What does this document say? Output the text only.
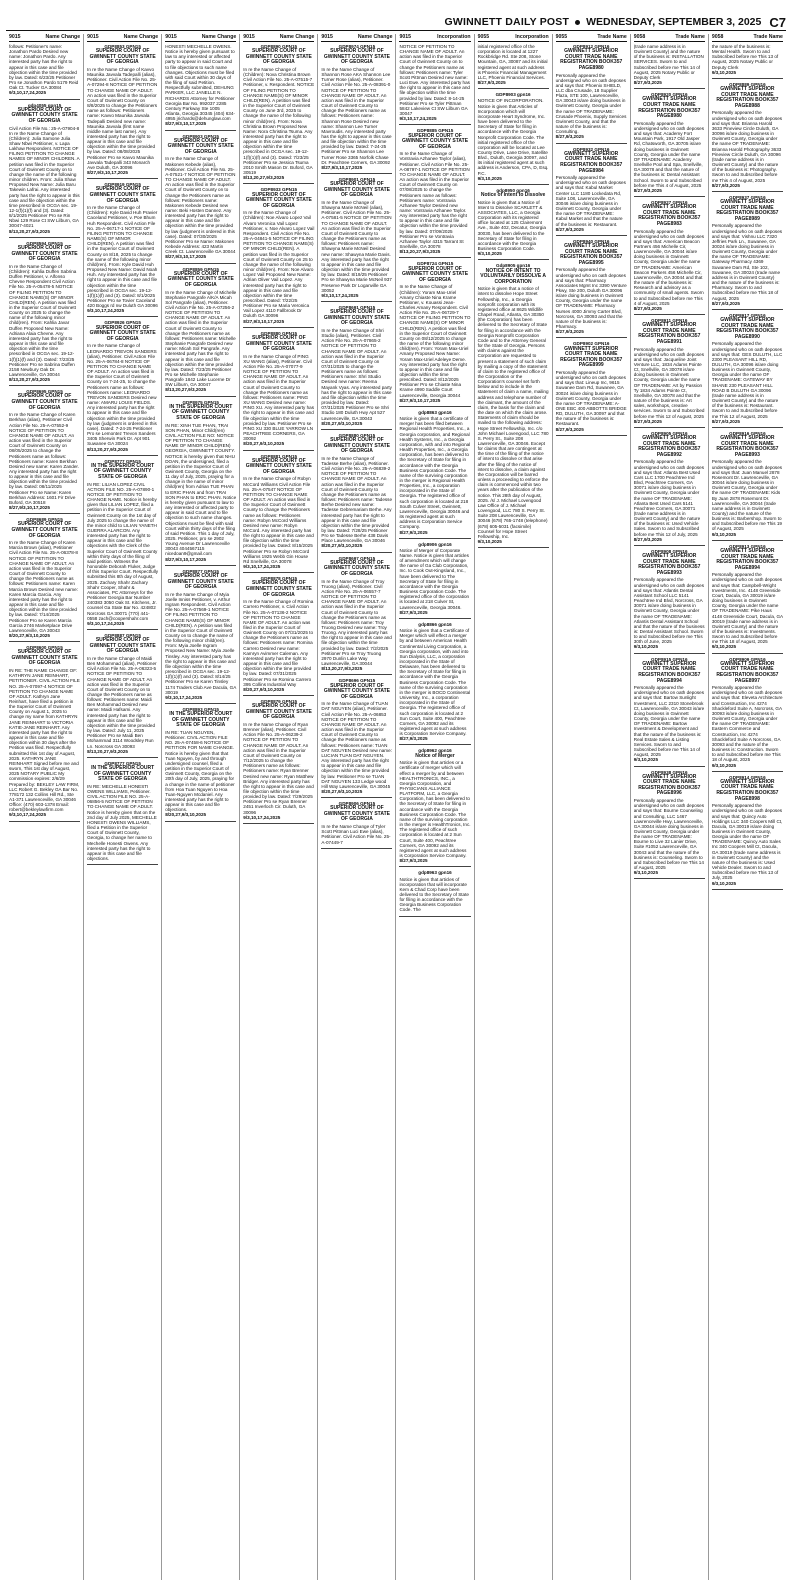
GWINNETT DAILY POST WEDNESDAY, SEPTEMBER 3, 2025 C7
9015	Name Change
follows: Petitioner's name: Jonathon Pardo Desired new name: Jonathon Pardo. Any interested party has the right to appear in this case and file objection within the time provided by law. Dated: 6/23/25 Petitioner Pro se Jonathon Pardo 5179 Reid Oak Ct. Tucker GA 30084
9/3,10,17,24,2025
gdp4055 gpn15
SUPERIOR COURT OF GWINNETT COUNTY STATE OF GEORGIA
Civil Action File No.: 25-A-07904-8 In re the Name Change of (Children): Julia Samone Julia Shaw Nbwi Petitioner, v. Lapa Lakhaw Respondent. NOTICE OF FILING PETITION TO CHANGE NAMES OF MINOR CHILDREN. A petition was filed in the Superior Court of Gwinnett County on to change the name of the following minor children. From: Julia Shaw Proposed New Name: Julia Baru Takewin Lafrai. Any interested party has the right to appear in this case and file objection within the time prescribed in OCGA sec. 19-12-1(f)(1)(f) and (3). Dated: 8/1/2025 Petitioner Pro se Rin Nbwi 129 Rose Ct SW Lilburn, GA 30047-4021
8/13,20,27,9/3,2025
GDP8594 GPN15
SUPERIOR COURT OF GWINNETT COUNTY STATE OF GEORGIA
In re the Name Change of (Children): Kahlia Duffen Sabrina Duffen Petitioner, v. Alfonso Chevne Respondent Civil Action File No. 25-A-05478-5 NOTICE OF FILING PETITION TO CHANGE NAME(S) OF MINOR CHILD(REN). A petition was filed in the Superior Court of Gwinnett County on 2025 to change the name of the following minor child(ren). From: Kahlia Javar Duffen Proposed New Name: Adriana Alaia Chevne. Any interested party has the right to appear in this case and file objection within the time prescribed in OCGA sec. 19-12-1(f)(1)(f) and (3). Dated: 7/23/25 Petitioner Pro se Sabrina Duffen 2158 Newbury Oak Dr. Lawrenceville, GA 30044
8/13,20,27,9/3,2025
GDP8695 GPN15
SUPERIOR COURT OF GWINNETT COUNTY STATE OF GEORGIA
In re the Name Change of Karen Berkhan (alias), Petitioner Civil Action File No. 25-A-07552-9 NOTICE OF PETITION TO CHANGE NAME OF ADULT. An action was filed in the Superior Court of Gwinnett County on 08/05/2025 to change the Petitioners name as follows: Petitioners name: Karen Berkhan Desired new name: Karen Zander. Any interested party has the right to appear in this case and file objection within the time provided by law. Dated: 08/11/2025 Petitioner Pro se Name: Karen Berkhan Address: 1601 Fir Drive Buford, GA 30518
8/27,9/3,10,17,2025
GDP8689 GPN15
SUPERIOR COURT OF GWINNETT COUNTY STATE OF GEORGIA
In re the Name Change of Karen Marcia Brown (alias), Petitioner Civil Action File No. 25-A-06378-8 NOTICE OF PETITION TO CHANGE NAME OF ADULT. An action was filed in the Superior Court of Gwinnett County to change the Petitioners name as follows: Petitioners name: Karen Marcia Brown Desired new name: Karen Marcia Garcia. Any interested party has the right to appear in this case and file objection within the time provided by law. Dated: 7/14/2025 Petitioner Pro se Karen Marcia Garcia 2746 Marketplace Drive Lawrenceville, GA 30043
8/20,27,9/3,10,2025
GDP8600 GPN15
SUPERIOR COURT OF GWINNETT COUNTY STATE OF GEORGIA
IN RE: THE NAME CHANGE OF: KATHRYN JANE REINHART, PETITIONER. CIVIL ACTION FILE NO. 25-A-07097-4 NOTICE OF PETITION TO CHANGE NAME OF ADULT. Kathryn Jane Reinhart, have filed a petition in the Superior Court of Gwinnett County on August 1, 2025 to change my name from KATHRYN JANE REINHART to VICTORIA KATIE-JANE REINHART. Any interested party has the right to appear in this case and file objection within 30 days after the Petition was filed. Respectfully submitted this 1st day of August, 2025. KATHRYN JANE REINHART Signed before me and sworn, This 1st day of August, 2025 NOTARY PUBLIC My commission expires: 2/6/29 Prepared by: BEKLEY LAW FIRM, LLC Robert G. Bekley GA Bar No. 778172 132 Collins Hill Rd., Ste A1-371 Lawrenceville, GA 30046 Office: (470) 603-1378 Email: robert@bekleylawfirm.com
9/3,10,17,24,2025
9015	Name Change
GDP8853 GPN15
SUPERIOR COURT OF GWINNETT COUNTY STATE OF GEORGIA
In re the Name Change of Kavvo Maunika Javvala Tadepalli (alias), Petitioner. Civil Action File No. 25-A-07294-8 NOTICE OF PETITION TO CHANGE NAME OF ADULT. An action was filed in the Superior Court of Gwinnett County on 8/8/2025 to change the Petitioners name as follows: Petitioners name: Kavvo Maunika Javvala Tadepalli Desired new name: Maunika Javvala (first name middle name last name). Any interested party has the right to appear in this case and file objection within the time provided by law. Dated: 08/08/2025 Petitioner Pro se Kavvo Maunika Javvala Tadepalli 343 Monarch Ave Duluth, GA 30096
8/27,9/3,10,17,2025
GDP8919 GPN15
SUPERIOR COURT OF GWINNETT COUNTY STATE OF GEORGIA
In re the Name Change of (Children): Kyle David Huh Pravier Caceland Petitioner, v. Poe Bhum Huh Respondent. Civil Action File No. 25-A-06717-1 NOTICE OF FILING PETITION TO CHANGE NAME(S) OF MINOR CHILD(REN). A petition was filed in the Superior Court of Gwinnett County on 8/18, 2025 to change the name of the following minor child(ren). From: Kyle David Huh Proposed New Name: David Noah Huh. Any interested party has the right to appear in this case and file objection within the time prescribed in OCGA sec. 19-12-1(f)(1)(f) and (3). Dated: 8/1/2025 Petitioner Pro se Tovier Caceland 420 Boggs rd nw Duluth GA 30096
9/3,10,17,24,2025
GDP8926 GPN15
SUPERIOR COURT OF GWINNETT COUNTY STATE OF GEORGIA
In re the Name Change of LEONARDO TREVON SANDERS (alias), Petitioner. Civil Action File No. 25-A-06784-8 NOTICE OF PETITION TO CHANGE NAME OF ADULT. An action was filed in the Superior Court of Gwinnett County on 7-24-25, to change the Petitioners name as follows: Petitioners name: LEONARDO TREVON SANDERS Desired new name: AMARU LOUIS FIELDS. Any interested party has the right to appear in this case and file objection within the time provided by law (judgment is ordered in this case). Dated: 7-24-25 Petitioner Pro se Lemontez Trevon Sanders 3405 Sherwin Park Dr. Apt 901 Suwanee GA 30024
8/13,20,27,9/3,2025
GDP8777 GPN15
IN THE SUPERIOR COURT OF GWINNETT COUNTY STATE OF GEORGIA
IN RE: LILIAN LOPEZ CIVIL ACTION FILE NO. 25-A-07890-1 NOTICE OF PETITION TO CHANGE NAME. Notice is hereby given that LILIAN LOPEZ, filed a petition in the Superior Court of Gwinnett County on the 1st day of July 2025 to change the name of the minor child to LILIAN YANETH GUERRA ALARCON. Any interested party has the right to appear in this case and file objections with the Clerk of the Superior Court of Gwinnett County within thirty days of the filing of said petition. Witness the honorable Deborah Fluker, Judge of this Superior Court. Respectfully submitted this 8th day of August, 2025. Zachary Shahr Zachary Shahr Cooper, Shahr & Associates, PC Attorneys for the Petitioner Georgia Bar Number 240383 3050 Oak St. Kitchens, Jr. counsel Ga State Bar No. 424802 Norcross GA 30071 (770) 441-0558 zach@coopershahr.com
9/3,10,17,24,2025
GDP8887 GPN15
SUPERIOR COURT OF GWINNETT COUNTY STATE OF GEORGIA
In re the Name Change of Maidi Ben Mohammad (alias), Petitioner Civil Action File No. 25-A-06323-5 NOTICE OF PETITION TO CHANGE NAME OF ADULT. An action was filed in the Superior Court of Gwinnett County on to change the Petitioners name as follows: Petitioners name: Maidi Ben Mohammad Desired new name: Maidi Hafsami. Any interested party has the right to appear in this case and file objection within the time provided by law. Dated: July 11, 2025 Petitioner Pro se Maidi Ben Mohammad 3114 Woodsley Run Ln. Norcross GA 30093
8/13,20,27,9/3,2025
GDP8777 GPN15
IN THE SUPERIOR COURT OF GWINNETT COUNTY STATE OF GEORGIA
IN RE: MECHELLE HONESTI OWENS WILLIAMS, Petitioner. CIVIL ACTION FILE NO. 25-A-06856-5 NOTICE OF PETITION TO CHANGE NAME OF ADULT. Notice is hereby given that on the 2nd day of July 2025, MECHELLE HONESTI OWENS WILLIAMS, filed a Petition in the Superior Court of Gwinnett County, Georgia, to change her name to Mechelle Honesti Owens. Any interested party has the right to appear in this case and file objections.
9015	Name Change
HONESTI MECHELLE OWENS. Notice is hereby given pursuant to law to any interested or affected party to appear in said Court and to file objections to such name changes. Objections must be filed with said Court within 30 days of the filing of said Petition. Respectfully submitted, DEHUNG PARKER, LLC JANELLE N. RICHARDS Attorney for Petitioner Georgia Bar No. 992037 2285 Century Parkway Ste 1005 Atlanta, Georgia 30345 (404) 634-4955 jrichards@dehunglaw.com
8/27,9/3,10,17,2025
GDP8903 GPN15
SUPERIOR COURT OF GWINNETT COUNTY STATE OF GEORGIA
In re the Name Change of Makonen Kebede (alias), Petitioner. Civil Action File No. 25-A-07521-7 NOTICE OF PETITION TO CHANGE NAME OF ADULT. An action was filed in the Superior Court of Gwinnett County on to change the Petitioners name as follows: Petitioners name: Makonen Kebede Desired new name: Beki Hosten Dannez. Any interested party has the right to appear in this case and file objection within the time provided by law (judgment is ordered in this case). Dated: 07/30/2025 Petitioner Pro se Name: Makonen Kebede Address: 423 Martin Creek Ct. Lawrenceville GA 30044
8/27,9/3,10,17,2025
GDP8859 GPN15
SUPERIOR COURT OF GWINNETT COUNTY STATE OF GEORGIA
In re the Name Change of Michelle Stephanie Pangrafe A/K/A Micah Sol Pangrafe (alias), Petitioner. Civil Action File No. 25-A-07256-2 NOTICE OF PETITION TO CHANGE NAME OF ADULT. An action was filed in the Superior Court of Gwinnett County to change the Petitioners name as follows: Petitioners name: Michelle Stephanie Pangrafe Desired new name: Micah Sol Pangrafe. Any interested party has the right to appear in this case and file objection within the time provided by law. Dated: 7/23/25 Petitioner Pro se Michelle Stephanie Pangrafe 1842 Lake Lucerne Dr SW Lilburn, GA 30047
8/13,20,27,9/3,2025
GDP8975 GPN15
IN THE SUPERIOR COURT OF GWINNETT COUNTY STATE OF GEORGIA
IN RE: XINH TUE PHAN, TRAI SON PHAN, Minor Child(ren) CIVIL ACTION FILE NO: NOTICE OF PETITION TO CHANGE NAME OF MINOR CHILD(REN) GEORGIA, GWINNETT COUNTY. NOTICE is hereby given that NHU DOAN, the undersigned, filed a petition in the Superior Court of Gwinnett County, Georgia on the 11 day of July, 2025, praying for a change in the name of minor child(ren) from Adrian TUE PHAN to ERIC PHAN and from TRAI SON PHAN to ERIC PHAN. Notice is hereby given pursuant to law to any interested or affected party to appear in said Court and to file objection to such name changes. Objections must be filed with said Court within thirty days of the filing of said Petition. This 1 day of July, 2025. Petitioner, pro se 2902 Young Avenue Dr Lawrenceville 30043 4044567115 nicedoan9@gmail.com
8/27,9/3,10,17,2025
GDP8877 GPN15
SUPERIOR COURT OF GWINNETT COUNTY STATE OF GEORGIA
In re the Name Change of Myia Joelle Inniss Petitioner, v. Arthur Ingram Respondent. Civil Action File No. 25-A-07569-1 NOTICE OF FILING PETITION TO CHANGE NAME(S) OF MINOR CHILD(REN). A petition was filed in the Superior Court of Gwinnett County on to change the name of the following minor child(ren). From: Myia Joelle Ingram Proposed New Name: Myia Joelle Tinsley. Any interested party has the right to appear in this case and file objection within the time prescribed in OCGA sec. 19-12-1(f)(1)(f) and (3). Dated: 8/14/25 Petitioner Pro se Karen Tinsley 1174 Traders Club Ave Dacula, GA 30019
9/3,10,17,24,2025
GDP8893 GPN15
IN THE SUPERIOR COURT OF GWINNETT COUNTY STATE OF GEORGIA
IN RE: TUAN NGUYEN, Petitioner. CIVIL ACTION FILE NO. 25-A-07458-6 NOTICE OF PETITION FOR NAME CHANGE. Notice is hereby given that that Tuan Nguyen, by and through undersigned counsel, filed a petition in the Superior Court of Gwinnett County, Georgia on the 20th day of July, 2025, praying for a change in the name of petitioner from Hoa Tuan Nguyen to Hoa Tuan-Nguyen Mcdaniel. Any interested party has the right to appear in this case and file objections.
8/20,27,9/3,10,2025
9015	Name Change
GDP8890 GPN15
SUPERIOR COURT OF GWINNETT COUNTY STATE OF GEORGIA
In re the Name Change of (Children): Nova Christina Brown Civil Action File No. 25-A-07515-7 Petitioner, v. Respondent. NOTICE OF FILING PETITION TO CHANGE NAME(S) OF MINOR CHILD(REN). A petition was filed in the Superior Court of Gwinnett County on June 3rd, 2025 to change the name of the following minor child(ren). From: Nova Christina Brown Proposed New Name: Nora Christina Tsuma. Any interested party has the right to appear in this case and file objection within the time prescribed in OCGA sec. 19-12-1(f)(1)(f) and (3). Dated: 7/23/25 Petitioner Pro se Jessica Tsuma 2010 Smith Mason Dr. Buford, GA 30519
8/13,20,27,9/3,2025
GDP8933 GPN15
SUPERIOR COURT OF GWINNETT COUNTY STATE OF GEORGIA
In re the Name Change of (Children): Noe Alvaro Lopez Vail Alvaro Veronica Vail Lopez Petitioner, v. Noe Alvaro Lopez Vail Respondent. Civil Action File No. 25-A-04841-5 NOTICE OF FILING PETITION TO CHANGE NAME(S) OF MINOR CHILD(REN). A petition was filed in the Superior Court of Gwinnett County on 25 to change the name of the following minor child(ren). From: Noe Alvaro Lopez Vail Proposed New Name: Adrian Oliver Vail Lopez. Any interested party has the right to appear in this case and file objection within the time prescribed. Dated: 7/22/25 Petitioner Pro se Maria Veronica Vail Lopez 4110 Fallbrook Dr Duluth GA 30096
8/27,9/3,10,17,2025
GDP8880 GPN15
SUPERIOR COURT OF GWINNETT COUNTY STATE OF GEORGIA
In re the Name Change of PING XU WANG (alias), Petitioner. Civil Action File No. 25-A-07077-9 NOTICE OF PETITION TO CHANGE NAME OF ADULT. An action was filed in the Superior Court of Gwinnett County to change the Petitioners name as follows: Petitioners name: PING XU WANG Desired new name: PING XU. Any interested party has the right to appear in this case and file objection within the time provided by law. Petitioner Pro se PING XU 330 BLUE YARROW LN PEACHTREE CORNERS, GA 30092
8/20,27,9/3,10,2025
GDP8881 GPN15
SUPERIOR COURT OF GWINNETT COUNTY STATE OF GEORGIA
In re the Name Change of Robyn McCord Williams Civil Action File No. 25-A-07547 NOTICE OF PETITION TO CHANGE NAME OF ADULT. An action was filed in the Superior Court of Gwinnett County to change the Petitioners name as follows: Petitioners name: Robyn McCord Williams Desired new name: Robyn McCord. Any interested party has the right to appear in this case and file objection within the time provided by law. Dated: 8/15/2025 Petitioner Pro se Robyn McCord Williams 1925 Webb Gin House Rd Snellville, GA 30078
9/3,10,17,24,2025
GDP8878 GPN15
SUPERIOR COURT OF GWINNETT COUNTY STATE OF GEORGIA
In re the Name Change of Romina Carrero Petitioner, v. Civil Action File No. 25-A-07136-2 NOTICE OF PETITION TO CHANGE NAME OF ADULT. An action was filed in the Superior Court of Gwinnett County on 07/31/2025 to change the Petitioners name as follows: Petitioners name: Romina Carrero Desired new name: Kamryn Avimmer Caleman. Any interested party has the right to appear in this case and file objection within the time provided by law. Dated: 07/31/2025 Petitioner Pro se Romina Carrero 395 Collins Industrial Way
8/20,27,9/3,10,2025
GDP8879 GPN15
SUPERIOR COURT OF GWINNETT COUNTY STATE OF GEORGIA
In re the Name Change of Ryan Brenner (alias), Petitioner. Civil Action File No. 25-A-06239-2 NOTICE OF PETITION TO CHANGE NAME OF ADULT. An action was filed in the Superior Court of Gwinnett County on 7/12/2025 to change the Petitioners name as follows: Petitioners name: Ryan Brenner Desired new name: Ryan Matthew Bridger. Any interested party has the right to appear in this case and file objection within the time provided by law. Dated: 7/29/2025 Petitioner Pro se Ryan Brenner 2451 Inverloch Cir. Duluth, GA 30096
9/3,10,17,24,2025
9015	Name Change
GDP8974 GPN15
SUPERIOR COURT OF GWINNETT COUNTY STATE OF GEORGIA
In re the Name Change of Shannon Rose AKA Shannon Lee Turner Rose (alias), Petitioner. Civil Action File No. 25-A-08391-0 NOTICE OF PETITION TO CHANGE NAME OF ADULT. An action was filed in the Superior Court of Gwinnett County to change the Petitioners name as follows: Petitioners name: Shannon Rose Desired new name: Shannon Lee Turner Mavroudis. Any interested party has the right to appear in this case and file objection within the time provided by law. Dated: 7-24-25 Petitioner Pro se Shannon Lee Turner Rose 3365 Norfolk Chase Dr. Peachtree Corners, GA 30092
8/27,9/3,10,17,2025
GDP8901 GPN15
SUPERIOR COURT OF GWINNETT COUNTY STATE OF GEORGIA
In re the Name Change of Shawyna Marie McNeil (alias), Petitioner. Civil Action File No. 25-A-07581-5 NOTICE OF PETITION TO CHANGE NAME OF ADULT. An action was filed in the Superior Court of Gwinnett County to change the Petitioners name as follows: Petitioners name: Shawyna Marie McNeil Desired new name: Shawyna Marie Davis. Any interested party has the right to appear in this case and file objection within the time provided by law. Dated: 8/19/25 Petitioner Pro se Shawyna Marie McNeil 937 Preserve Park Dr Loganville GA 30052
9/3,10,17,24,2025
GDP8691 GPN15
SUPERIOR COURT OF GWINNETT COUNTY STATE OF GEORGIA
In re the Name Change of Shri Studio (alias), Petitioner. Civil Action File No. 25-A-07865-2 NOTICE OF PETITION TO CHANGE NAME OF ADULT. An action was filed in the Superior Court of Gwinnett County on 07/31/2025 to change the Petitioners name as follows: Petitioners name: Shri Studio Desired new name: Reema Mayank Vyas. Any interested party has the right to appear in this case and file objection within the time provided by law. Dated: 07/31/2025 Petitioner Pro se Shri Studio 180 Duluth Hwy Apt 527 Lawrenceville, GA 30043
8/20,27,9/3,10,2025
GDP8880 GPN15
SUPERIOR COURT OF GWINNETT COUNTY STATE OF GEORGIA
In re the Name Change of Tadesse Berhe (alias), Petitioner. Civil Action File No. 25-A-06839-2 NOTICE OF PETITION TO CHANGE NAME OF ADULT. An action was filed in the Superior Court of Gwinnett County to change the Petitioners name as follows: Petitioners name: Tadesse Berhe Desired new name: Tadesse Gebremariam Berhe. Any interested party has the right to appear in this case and file objection within the time provided by law. Dated: 7/28/25 Petitioner Pro se Tadesse Berhe 438 Davis Place Lawrenceville, GA 30046
8/20,27,9/3,10,2025
GDP8697 GPN15
SUPERIOR COURT OF GWINNETT COUNTY STATE OF GEORGIA
In re the Name Change of Troy Truong (alias), Petitioner. Civil Action File No. 25-A-06557-7 NOTICE OF PETITION TO CHANGE NAME OF ADULT. An action was filed in the Superior Court of Gwinnett County to change the Petitioners name as follows: Petitioners name: Troy Truong Desired new name: Troy Truong. Any interested party has the right to appear in this case and file objection within the time provided by law. Dated: 7/2/2025 Petitioner Pro se Troy Truong 2970 Dunlin Lake Way Lawrenceville, GA 30044
8/13,20,27,9/3,2025
GDP8696 GPN15
SUPERIOR COURT OF GWINNETT COUNTY STATE OF GEORGIA
In re the Name Change of TUAN DAT NGUYEN (alias), Petitioner. Civil Action File No. 25-A-06853 NOTICE OF PETITION TO CHANGE NAME OF ADULT. An action was filed in the Superior Court of Gwinnett County to change the Petitioners name as follows: Petitioners name: TUAN DAT NGUYEN Desired new name: LUCIAN TUAN DAT NGUYEN. Any interested party has the right to appear in this case and file objection within the time provided by law. Petitioner Pro se TUAN DAT NGUYEN 133 Ledge wood Hill Way Lawrenceville, GA 30045
8/20,27,9/3,10,2025
GDP8906 GPN15
SUPERIOR COURT OF GWINNETT COUNTY STATE OF GEORGIA
In re the Name Change of Tyler Scott Pittman Luci Ewe (alias), Petitioner. Civil Action File No. 25-A-07449-7
9015	Incorporation
NOTICE OF PETITION TO CHANGE NAME OF ADULT. An action was filed in the Superior Court of Gwinnett County on to change the Petitioners name as follows: Petitioners name: Tyler Scott Pittman Desired new name: Luci Ewe. Any interested party has the right to appear in this case and file objection within the time provided by law. Dated: 8-14-25 Petitioner Pro se Tyler Pittman 5842 Lakeview Ct SW Lilburn GA 30047
9/3,10,17,24,2025
GDP8885 GPN15
SUPERIOR COURT OF GWINNETT COUNTY STATE OF GEORGIA
In re the Name Change of Vontravia Azhanee Taylor (alias), Petitioner. Civil Action File No. 25-A-08797-1 NOTICE OF PETITION TO CHANGE NAME OF ADULT. An action was filed in the Superior Court of Gwinnett County on 07/08/2025 to change the Petitioners name as follows: Petitioners name: Vontravia Azhanee Taylor Desired new name: Vontravia Azhanee Taylor. Any interested party has the right to appear in this case and file objection within the time provided by law. Dated: 07/09/2025 Petitioner Pro se Vontravia Azhanee Taylor 4315 Tarrant St Snellville, GA 30078
8/13,20,27,9/3,2025
GDP8724 GPN15
SUPERIOR COURT OF GWINNETT COUNTY STATE OF GEORGIA
In re the Name Change of (Children): Yoram Max-Uriel Amany Chiaste Nina Krame Petitioner, v. Kouassi Jean-Charles Amany Respondent. Civil Action File No. 25-A-06729-7 NOTICE OF FILING PETITION TO CHANGE NAME(S) OF MINOR CHILD(REN). A petition was filed in the Superior Court of Gwinnett County on 08/12/2025 to change the name of the following minor child(ren). From: Yoram Max-Uriel Amany Proposed New Name: Yoram Max-Uriel Adeleye Deme. Any interested party has the right to appear in this case and file objection within the time prescribed. Dated: 8/12/2025 Petitioner Pro se Chiaste Nina Krame 4990 Saddle Court Lawrenceville, Georgia 30044
8/27,9/3,10,17,2025
gdp8863 gpn16
Notice is given that a certificate of merger has been filed between Regional Health Properties, Inc., a Georgia corporation, and Regional Health Systems, Inc., a Georgia corporation, with and into Regional Health Properties, Inc., a Georgia corporation, has been delivered to the Secretary of State for filing in accordance with the Georgia Business Corporation Code. The name of the surviving corporation in the merger is Regional Health Properties, Inc., a corporation incorporated in the State of Georgia. The registered office of such corporation is located at 218 South Culver Street, Gwinnett, Lawrenceville, Georgia 30046 and its registered agent at such address is Corporation Service Company.
8/27,9/3,2025
gdp8906 gpn16
Notice of Merger of Corporate Name. Notice is given that articles of amendment which will change the name of Ga Club Corporation, Inc. to Cook Out-Kingsland, Inc., have been delivered to The Secretary of State for filing in accordance with the Georgia Business Corporation Code. The registered office of the corporation is located at 218 Culver St, Lawrenceville, Georgia 30046.
8/27,9/3,2025
gdp8866 gpn16
Notice is given that a Certificate of Merger which will effect a merger by and between American Health Continental Living Corporation, a Georgia corporation, with and into Sun Dialysis, LLC, a corporation incorporated in the State of Delaware, has been delivered to the Secretary of State for filing in accordance with the Georgia Business Corporation Code. The name of the surviving corporation in the merger is BOCD Continental University, Inc., a corporation incorporated in the State of Georgia. The registered office of such corporation is located at 2 Sun Court, Suite 400, Peachtree Corners, GA 30092 and its registered agent at such address is Corporation Service Company.
8/27,9/3,2025
gdp8962 gpn16
Notice of Merger
Notice is given that articles or a certificate of merger which will effect a merger by and between HEALTHTRONICS, INC., a Georgia Corporation, and PHYSICIANS ALLIANCE PLATFORM, LLC, a Georgia Corporation, has been delivered to the Secretary of State for filing in accordance with the Georgia Business Corporation Code. The name of the surviving corporation in the merger is HealthTronics, Inc. The registered office of such corporation is located at 2 Sun Court, Suite 400, Peachtree Corners, GA 30092 and its registered agent at such address is Corporation Service Company.
8/27,9/3,2025
gdp8963 gpn16
Notice is given that articles of incorporation that will incorporate Kem & Chad Corp have been delivered to the Secretary of State for filing in accordance with the Georgia Business Corporation Code. The
9055	Incorporation
initial registered office of the corporation is located at 1227 Rockbridge Rd. Ste 208, Stone Mountain, GA, 30087 and its initial registered agent at such address is Phoenix Financial Management LLC, Phoenix Financial Services.
8/27,9/3,2025
GDP8903 gpn16
NOTICE OF INCORPORATION. Notice is given that Articles of Incorporation which will incorporate Heart Syndrome, Inc. have been delivered to the Secretary of State for filing in accordance with the Georgia Nonprofit Corporation Code. The initial registered office of the corporation will be located at Lee County Drive, Lane Drive, Satellite Blvd., Duluth, Georgia 30097, and its initial registered agent at such address is Anderson, CPA, D, Esq. P.C.
9/3,10,2025
gdp8950 gpn16
Notice of Intent to Dissolve
Notice is given that a Notice of Intent to Dissolve SCARLETT & ASSOCIATES, LLC, a Georgia Corporation with its registered office located at 125 Clairemont Ave., Suite 402, Decatur, Georgia 30030, has been delivered to the Secretary of State for filing in accordance with the Georgia Business Corporation Code.
9/3,10,2025
Gdp8905 gpn16
NOTICE OF INTENT TO VOLUNTARILY DISSOLVE A CORPORATION
Notice is given that a notice of intent to dissolve Hope Street Fellowship, Inc., a Georgia nonprofit corporation with its registered office at 8625 Wildlife Chapel Road, Atlanta, GA 30350 (the Corporation) has been delivered to the Secretary of State for filing in accordance with the Georgia Nonprofit Corporation Code and to the Attorney General for the State of Georgia. Persons with claims against the Corporation are requested to present a statement of such claim by mailing a copy of the statement of claim to the registered office of the Corporation or the Corporation's counsel set forth below and to include in the statement of claim a name, mailing address and telephone number of the claimant, the amount of the claim, the basis for the claim and the date on which the claim arose. Statements of claim should be mailed to the following address: Hope Street Fellowship, Inc. c/o John Michael Lovengood, LLC 780 S. Perry St., Suite 208 Lawrenceville, GA 30046. Except for claims that are contingent at the time of the filing of the notice of intent to dissolve or that arise after the filing of the notice of intent to dissolve, a claim against the Corporation will be barred unless a proceeding to enforce the claim is commenced within two years after the publication of the notice. This 28th day of August, 2025. /s/ J. Michael Lovengood Law Office of J. Michael Lovengood, LLC 780 S. Perry St. Suite 208 Lawrenceville, GA 30046 (678) 765-1748 (telephone) (678) 605-5031 (facsimile) Counsel for Hope Street Fellowship, Inc.
9/3,10,2025
9055	Trade Name
GDP8912 GPN16
GWINNETT SUPERIOR COURT TRADE NAME REGISTRATION BOOK357 PAGE8980
Personally appeared the undersigned who on oath deposes and says that: Phoenix SHIELD, LLC dba Crusade, 18 Supplier Plaza, STE 100, Lawrenceville, GA 30043 is/are doing business in Gwinnett County, Georgia under the name OF TRADENAME: Crusade Phoenix, Supply Services Gwinnett County, and that the nature of the business is: Consulting.
8/27,9/3,2025
GDP8932 GPN16
GWINNETT SUPERIOR COURT TRADE NAME REGISTRATION BOOK357 PAGE8984
Personally appeared the undersigned who on oath deposes and says that: Kabul Market Center LLC 1180 Lockedata Rd, Suite 108, Lawrenceville, GA 30046 is/are doing business in Gwinnett County, Georgia under the name OF TRADENAME: Kabul Market and that the nature of the business is: Restaurant.
8/27,9/3,2025
GDP8940 GPN16
GWINNETT SUPERIOR COURT TRADE NAME REGISTRATION BOOK357 PAGE8995
Personally appeared the undersigned who on oath deposes and says that: Pharmacy Associates Mgmt Inc 3390 Venture Pkwy, Ste 200, Duluth GA 30096 is/are doing business in Gwinnett County, Georgia under the name OF TRADENAME: Pharmacy Nurses 4000 Jimmy Carter Blvd, Norcross, GA 30093 and that the nature of the business is: Pharmacy.
8/27,9/3,2025
GDP8902 GPN16
GWINNETT SUPERIOR COURT TRADE NAME REGISTRATION BOOK357 PAGE8999
Personally appeared the undersigned who on oath deposes and says that: Lineup Inc, 9615 Suwanee Dam Rd, Suwanee, GA 30024 is/are doing business in Gwinnett County, Georgia under the name OF TRADENAME: A-ONE EBC 400 ABBOTTS BRIDGE RD, DULUTH, GA 30097 and that the nature of the business is: Restaurant.
8/27,9/3,2025
9058	Trade Name
(trade name address is in Gwinnett County) and the nature of the business is: INSTALLATION SERVICES. Sworn to and Subscribed before me This 14 of August, 2025 Notary Public or Deputy Clerk
8/27,9/3,2025
GDP8920 GPN16
GWINNETT SUPERIOR COURT TRADE NAME REGISTRATION BOOK357 PAGE8980
Personally appeared the undersigned who on oath deposes and says that: Academy Fort Mountain Park, 1917 Old Jasper Rd, Chatsworth, GA 30705 is/are doing business in Gwinnett County, Georgia under the name OF TRADENAME: Academy Snellville Pool and Spa, Snellville, GA 30078 and that the nature of the business is: Dental Assistant School. Sworn to and Subscribed before me This 4 of August, 2025
8/27,9/3,2025
GDP8927 GPN16
GWINNETT SUPERIOR COURT TRADE NAME REGISTRATION BOOK357 PAGE8983
Personally appeared the undersigned who on oath deposes and says that: American Beacon Partners 456 Michelle Cir, Lawrenceville, GA 30044 is/are doing business in Gwinnett County, Georgia under the name OF TRADENAME: American Beacon Parkers 456 Michelle Cir, Lawrenceville, GA 30044 and that the nature of the business is: Research and advisory as a community of small agents. Sworn to and Subscribed before me This 4 of August, 2025
8/27,9/3,2025
GDP8911 GPN16
GWINNETT SUPERIOR COURT TRADE NAME REGISTRATION BOOK357 PAGE8991
Personally appeared the undersigned who on oath deposes and says that: Jacqueline Joint Venture LLC, 1834 Adams Pointe Ct, Snellville, GA 30078 is/are doing business in Gwinnett County, Georgia under the name OF TRADENAME: Art by Passion Ty 1834 Adams Pointe Ct, Snellville, GA 30078 and that the nature of the business is: Art sales, workshops, creative services. Sworn to and Subscribed before me This 12 of August, 2025
8/27,9/3,2025
GDP8905 GPN16
GWINNETT SUPERIOR COURT TRADE NAME REGISTRATION BOOK357 PAGE8992
Personally appeared the undersigned who on oath deposes and says that: Atlanta Best Used Cars LLC 1700 Peachtree Ind Blvd, Peachtree Corners, GA 30071 is/are doing business in Gwinnett County, Georgia under the name OF TRADENAME: Atlanta Best Used Cars 5141 Peachtree Corners, GA 30071 (trade name address is in Gwinnett County) and the nature of the business is: Used Vehicle Sales. Sworn to and Subscribed before me This 12 of July, 2025
8/27,9/3,2025
GDP8908 GPN16
GWINNETT SUPERIOR COURT TRADE NAME REGISTRATION BOOK357 PAGE8993
Personally appeared the undersigned who on oath deposes and says that: Atlantis Dental Assistant School LLC 5141 Peachtree Ind Blvd, Norcross, GA 30071 is/are doing business in Gwinnett County, Georgia under the name OF TRADENAME: Atlantis Dental Assistant School and that the nature of the business is: Dental Assistant School. Sworn to and Subscribed before me This 30th of June, 2025
9/3,10,2025
GDP8915 GPN16
GWINNETT SUPERIOR COURT TRADE NAME REGISTRATION BOOK357 PAGE8994
Personally appeared the undersigned who on oath deposes and says that: Bartow Sunlight Investment, LLC 2310 Stonebrook Ct, Lawrenceville, GA 30043 is/are doing business in Gwinnett County, Georgia under the name OF TRADENAME: Bartow Investment & Development and that the nature of the business is: Real Estate Sales & Listing Services. Sworn to and Subscribed before me This 14 of August, 2025
9/3,10,2025
GDP8938 GPN16
GWINNETT SUPERIOR COURT TRADE NAME REGISTRATION BOOK357 PAGE8996
Personally appeared the undersigned who on oath deposes and says that: Bourne Counseling and Consulting, LLC 1467 Lawrenceville Hwy, Lawrenceville, GA 30044 is/are doing business in Gwinnett County, Georgia under the name OF TRADENAME: Bourne to Live 32 Lanier Drive, Suite #1052 Lawrenceville, GA 30043 and that the nature of the business is: Counseling. Sworn to and Subscribed before me This 14 of August, 2025
9/3,10,2025
9058	Trade Name
the nature of the business is: Mental Health. Sworn to and Subscribed before me This 13 of August, 2025 Notary Public or Deputy Clerk
9/3,10,2025
GDP8889 GPN16
GWINNETT SUPERIOR COURT TRADE NAME REGISTRATION BOOK357 PAGE8988
Personally appeared the undersigned who on oath deposes and says that: Brianna Harold 3633 Pineview Circle Duluth, GA 30096 is/are doing business in Gwinnett County, Georgia under the name OF TRADENAME: Brianna Harold Photography 3633 Pineview Circle Duluth, GA 30096 (trade name address is in Gwinnett County) and the nature of the business is: Photography. Sworn to and Subscribed before me This 4 of August, 2025
8/27,9/3,2025
GDP8937 GPN16
GWINNETT SUPERIOR COURT TRADE NAME REGISTRATION BOOK357 PAGE8989
Personally appeared the undersigned who on oath deposes and says that: Vishnu LLC 7320 Jeffries Park Ln., Suwanee, GA 30024 is/are doing business in Gwinnett County, Georgia under the name OF TRADENAME: Gateway Pharmacy 4369 Suwanee Dam Rd, Ste 102, Suwanee, GA 30024 (trade name address is in Gwinnett County) and the nature of the business is: Pharmacy. Sworn to and Subscribed before me This 18 of August, 2025
8/27,9/3,2025
GDP8917 GPN16
GWINNETT SUPERIOR COURT TRADE NAME REGISTRATION BOOK357 PAGE8990
Personally appeared the undersigned who on oath deposes and says that: GES DULUTH, LLC 2300 PLEASANT HILL RD, DULUTH, GA 30096 is/are doing business in Gwinnett County, Georgia under the name OF TRADENAME: GATEWAY BY SHANE 230 PLEASANT HILL ROAD B DULUTH GA 30096 (trade name address is in Gwinnett County) and the nature of the business is: Restaurant. Sworn to and Subscribed before me This 12 of August, 2025
8/27,9/3,2025
GDP8916 GPN16
GWINNETT SUPERIOR COURT TRADE NAME REGISTRATION BOOK357 PAGE8993
Personally appeared the undersigned who on oath deposes and says that: Juan Manuel 2878 Rosemont Dr. Lawrenceville, GA 30044 is/are doing business in Gwinnett County, Georgia under the name OF TRADENAME: Kids By Juan 2878 Rosemont Dr. Lawrenceville, GA 30044 (trade name address is in Gwinnett County) and the nature of the business is: Barbershop. Sworn to and Subscribed before me This 19 of August, 2025
9/3,10,2025
GDP8913 GPN16
GWINNETT SUPERIOR COURT TRADE NAME REGISTRATION BOOK357 PAGE8994
Personally appeared the undersigned who on oath deposes and says that: Campbell-Wright Investments, Inc. 4148 Greenside Court, Dacula, GA 30019 is/are doing business in Gwinnett County, Georgia under the name OF TRADENAME: Pike Haus 4148 Greenside Court, Dacula, GA 30019 (trade name address is in Gwinnett County) and the nature of the business is: Investments. Sworn to and Subscribed before me This 18 of August, 2025
9/3,10,2025
GDP8909 GPN16
GWINNETT SUPERIOR COURT TRADE NAME REGISTRATION BOOK357 PAGE8997
Personally appeared the undersigned who on oath deposes and says that: Eleveta Architecture and Construction, Inc 4274 Shackleford Suite A, Norcross, GA 30093 is/are doing business in Gwinnett County, Georgia under the name OF TRADENAME: Eastern Commerce and Construction, Inc 4274 Shackleford Suite A Norcross, GA 30093 and the nature of the business is: Construction. Sworn to and Subscribed before me This 18 of August, 2025
9/3,10,2025
GDP8914 GPN16
GWINNETT SUPERIOR COURT TRADE NAME REGISTRATION BOOK357 PAGE8998
Personally appeared the undersigned who on oath deposes and says that: Quincy Auto Holdings LLC 340 Coopers Mill Ct, Dacula, GA 30019 is/are doing business in Gwinnett County, Georgia under the name OF TRADENAME: Quincy Auto Sales Inc 340 Coopers Mill Ct, Dacula, GA 30019 (trade name address is in Gwinnett County) and the nature of the business is: Used Vehicle Dealer. Sworn to and Subscribed before me This 13 of July, 2025
9/3,10,2025
